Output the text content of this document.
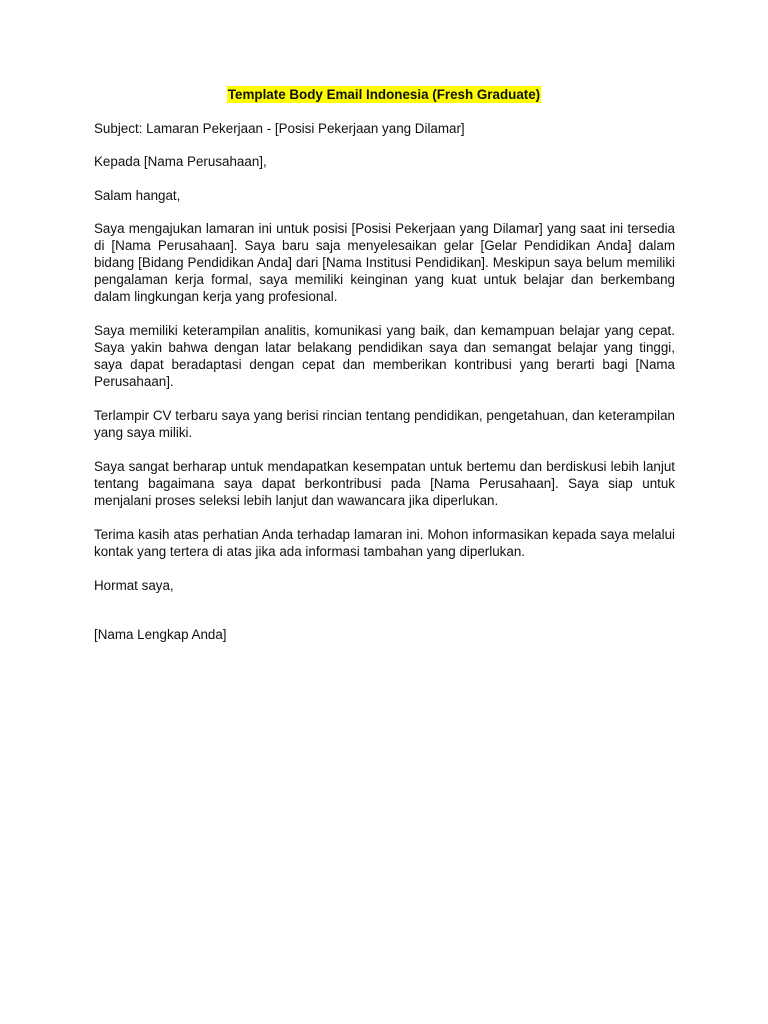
Template Body Email Indonesia (Fresh Graduate)

Subject: Lamaran Pekerjaan - [Posisi Pekerjaan yang Dilamar]

Kepada [Nama Perusahaan],

Salam hangat,

Saya mengajukan lamaran ini untuk posisi [Posisi Pekerjaan yang Dilamar] yang saat ini tersedia di [Nama Perusahaan]. Saya baru saja menyelesaikan gelar [Gelar Pendidikan Anda] dalam bidang [Bidang Pendidikan Anda] dari [Nama Institusi Pendidikan]. Meskipun saya belum memiliki pengalaman kerja formal, saya memiliki keinginan yang kuat untuk belajar dan berkembang dalam lingkungan kerja yang profesional.

Saya memiliki keterampilan analitis, komunikasi yang baik, dan kemampuan belajar yang cepat. Saya yakin bahwa dengan latar belakang pendidikan saya dan semangat belajar yang tinggi, saya dapat beradaptasi dengan cepat dan memberikan kontribusi yang berarti bagi [Nama Perusahaan].

Terlampir CV terbaru saya yang berisi rincian tentang pendidikan, pengetahuan, dan keterampilan yang saya miliki.

Saya sangat berharap untuk mendapatkan kesempatan untuk bertemu dan berdiskusi lebih lanjut tentang bagaimana saya dapat berkontribusi pada [Nama Perusahaan]. Saya siap untuk menjalani proses seleksi lebih lanjut dan wawancara jika diperlukan.

Terima kasih atas perhatian Anda terhadap lamaran ini. Mohon informasikan kepada saya melalui kontak yang tertera di atas jika ada informasi tambahan yang diperlukan.

Hormat saya,

[Nama Lengkap Anda]
